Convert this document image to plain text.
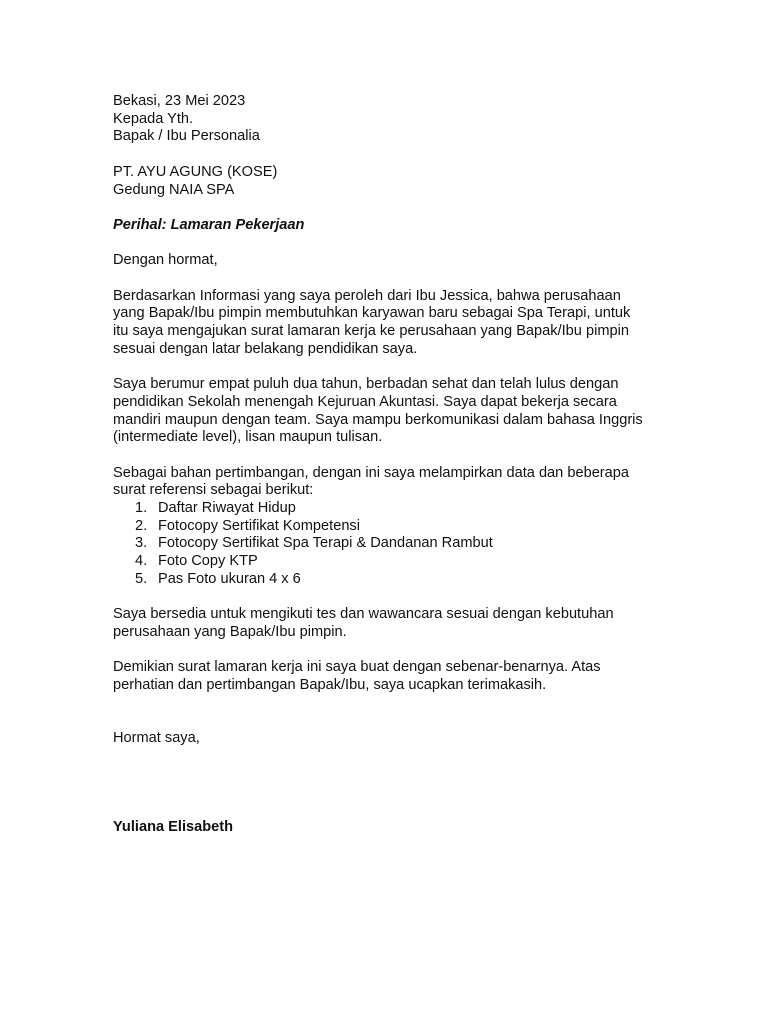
Bekasi, 23 Mei 2023
Kepada Yth.
Bapak / Ibu Personalia
PT. AYU AGUNG (KOSE)
Gedung NAIA SPA
Perihal: Lamaran Pekerjaan
Dengan hormat,
Berdasarkan Informasi yang saya peroleh dari Ibu Jessica, bahwa perusahaan
yang Bapak/Ibu pimpin membutuhkan karyawan baru sebagai Spa Terapi, untuk
itu saya mengajukan surat lamaran kerja ke perusahaan yang Bapak/Ibu pimpin
sesuai dengan latar belakang pendidikan saya.
Saya berumur empat puluh dua tahun, berbadan sehat dan telah lulus dengan
pendidikan Sekolah menengah Kejuruan Akuntasi. Saya dapat bekerja secara
mandiri maupun dengan team. Saya mampu berkomunikasi dalam bahasa Inggris
(intermediate level), lisan maupun tulisan.
Sebagai bahan pertimbangan, dengan ini saya melampirkan data dan beberapa
surat referensi sebagai berikut:
1. Daftar Riwayat Hidup
2. Fotocopy Sertifikat Kompetensi
3. Fotocopy Sertifikat Spa Terapi & Dandanan Rambut
4. Foto Copy KTP
5. Pas Foto ukuran 4 x 6
Saya bersedia untuk mengikuti tes dan wawancara sesuai dengan kebutuhan
perusahaan yang Bapak/Ibu pimpin.
Demikian surat lamaran kerja ini saya buat dengan sebenar-benarnya. Atas
perhatian dan pertimbangan Bapak/Ibu, saya ucapkan terimakasih.
Hormat saya,
Yuliana Elisabeth
